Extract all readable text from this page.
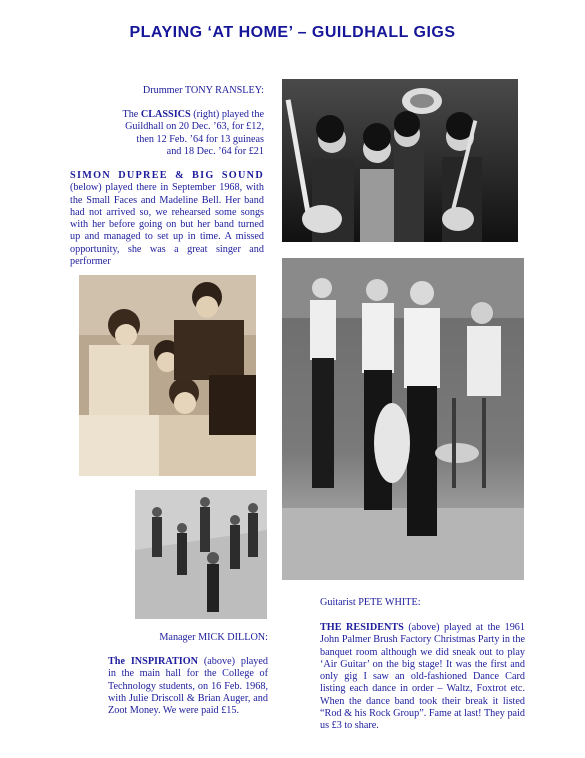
PLAYING ‘AT HOME’ – GUILDHALL GIGS
Drummer TONY RANSLEY:
The CLASSICS (right) played the
Guildhall on 20 Dec. ’63, for £12,
then 12 Feb. ’64 for 13 guineas
and 18 Dec. ’64 for £21
SIMON DUPREE & BIG SOUND (below) played there in September 1968, with the Small Faces and Madeline Bell. Her band had not arrived so, we rehearsed some songs with her before going on but her band turned up and managed to set up in time. A missed opportunity, she was a great singer and performer
Manager MICK DILLON:
The INSPIRATION (above) played in the main hall for the College of Technology students, on 16 Feb. 1968, with Julie Driscoll & Brian Auger, and Zoot Money. We were paid £15.
Guitarist PETE WHITE:
THE RESIDENTS (above) played at the 1961 John Palmer Brush Factory Christmas Party in the banquet room although we did sneak out to play ‘Air Guitar’ on the big stage! It was the first and only gig I saw an old-fashioned Dance Card listing each dance in order – Waltz, Foxtrot etc. When the dance band took their break it listed “Rod & his Rock Group”. Fame at last! They paid us £3 to share.
